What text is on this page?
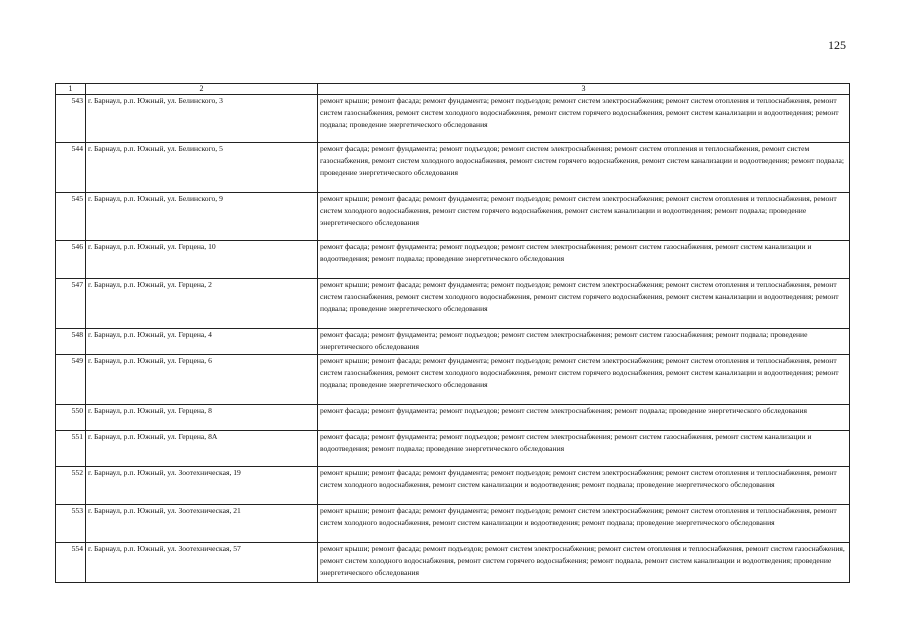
125
1	2	3
543	г. Барнаул, р.п. Южный, ул. Белинского, 3	ремонт крыши; ремонт фасада; ремонт фундамента; ремонт подъездов; ремонт систем электроснабжения; ремонт систем отопления и теплоснабжения, ремонт систем газоснабжения, ремонт систем холодного водоснабжения, ремонт систем горячего водоснабжения, ремонт систем канализации и водоотведения; ремонт подвала; проведение энергетического обследования
544	г. Барнаул, р.п. Южный, ул. Белинского, 5	ремонт фасада; ремонт фундамента; ремонт подъездов; ремонт систем электроснабжения; ремонт систем отопления и теплоснабжения, ремонт систем газоснабжения, ремонт систем холодного водоснабжения, ремонт систем горячего водоснабжения, ремонт систем канализации и водоотведения; ремонт подвала; проведение энергетического обследования
545	г. Барнаул, р.п. Южный, ул. Белинского, 9	ремонт крыши; ремонт фасада; ремонт фундамента; ремонт подъездов; ремонт систем электроснабжения; ремонт систем отопления и теплоснабжения, ремонт систем холодного водоснабжения, ремонт систем горячего водоснабжения, ремонт систем канализации и водоотведения; ремонт подвала; проведение энергетического обследования
546	г. Барнаул, р.п. Южный, ул. Герцена, 10	ремонт фасада; ремонт фундамента; ремонт подъездов; ремонт систем электроснабжения; ремонт систем газоснабжения, ремонт систем канализации и водоотведения; ремонт подвала; проведение энергетического обследования
547	г. Барнаул, р.п. Южный, ул. Герцена, 2	ремонт крыши; ремонт фасада; ремонт фундамента; ремонт подъездов; ремонт систем электроснабжения; ремонт систем отопления и теплоснабжения, ремонт систем газоснабжения, ремонт систем холодного водоснабжения, ремонт систем горячего водоснабжения, ремонт систем канализации и водоотведения; ремонт подвала; проведение энергетического обследования
548	г. Барнаул, р.п. Южный, ул. Герцена, 4	ремонт фасада; ремонт фундамента; ремонт подъездов; ремонт систем электроснабжения; ремонт систем газоснабжения; ремонт подвала; проведение энергетического обследования
549	г. Барнаул, р.п. Южный, ул. Герцена, 6	ремонт крыши; ремонт фасада; ремонт фундамента; ремонт подъездов; ремонт систем электроснабжения; ремонт систем отопления и теплоснабжения, ремонт систем газоснабжения, ремонт систем холодного водоснабжения, ремонт систем горячего водоснабжения, ремонт систем канализации и водоотведения; ремонт подвала; проведение энергетического обследования
550	г. Барнаул, р.п. Южный, ул. Герцена, 8	ремонт фасада; ремонт фундамента; ремонт подъездов; ремонт систем электроснабжения; ремонт подвала; проведение энергетического обследования
551	г. Барнаул, р.п. Южный, ул. Герцена, 8А	ремонт фасада; ремонт фундамента; ремонт подъездов; ремонт систем электроснабжения; ремонт систем газоснабжения, ремонт систем канализации и водоотведения; ремонт подвала; проведение энергетического обследования
552	г. Барнаул, р.п. Южный, ул. Зоотехническая, 19	ремонт крыши; ремонт фасада; ремонт фундамента; ремонт подъездов; ремонт систем электроснабжения; ремонт систем отопления и теплоснабжения, ремонт систем холодного водоснабжения, ремонт систем канализации и водоотведения; ремонт подвала; проведение энергетического обследования
553	г. Барнаул, р.п. Южный, ул. Зоотехническая, 21	ремонт крыши; ремонт фасада; ремонт фундамента; ремонт подъездов; ремонт систем электроснабжения; ремонт систем отопления и теплоснабжения, ремонт систем холодного водоснабжения, ремонт систем канализации и водоотведения; ремонт подвала; проведение энергетического обследования
554	г. Барнаул, р.п. Южный, ул. Зоотехническая, 57	ремонт крыши; ремонт фасада; ремонт подъездов; ремонт систем электроснабжения; ремонт систем отопления и теплоснабжения, ремонт систем газоснабжения, ремонт систем холодного водоснабжения, ремонт систем горячего водоснабжения; ремонт подвала, ремонт систем канализации и водоотведения; проведение энергетического обследования
